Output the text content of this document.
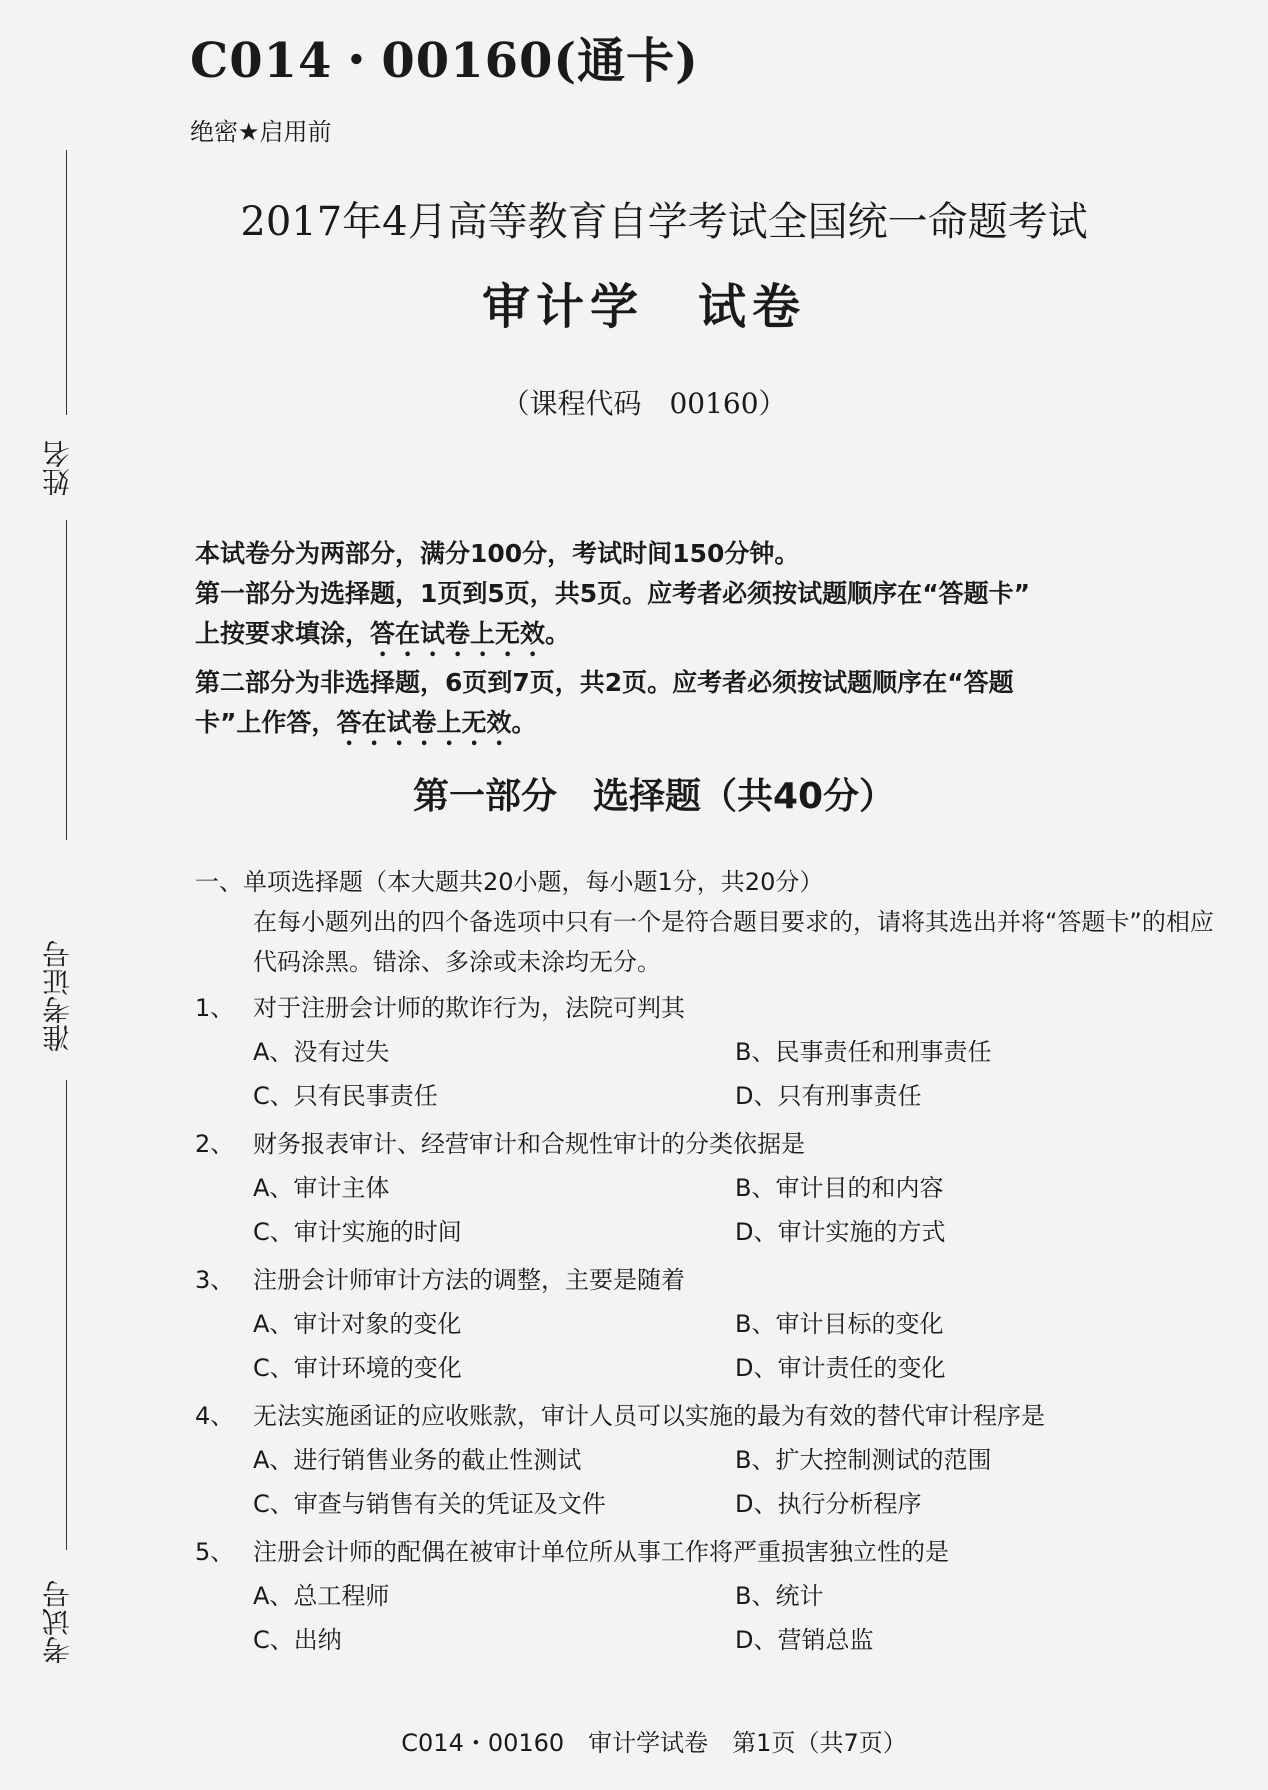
姓名
准考证号
考试号
C014・00160(通卡)
绝密★启用前
2017年4月高等教育自学考试全国统一命题考试
审计学　试卷
（课程代码　00160）

本试卷分为两部分，满分100分，考试时间150分钟。

第一部分为选择题，1页到5页，共5页。应考者必须按试题顺序在“答题卡”

上按要求填涂，答在试卷上无效。

第二部分为非选择题，6页到7页，共2页。应考者必须按试题顺序在“答题

卡”上作答，答在试卷上无效。

第一部分　选择题（共40分）
一、单项选择题（本大题共20小题，每小题1分，共20分）
在每小题列出的四个备选项中只有一个是符合题目要求的，请将其选出并将“答题卡”的相应代码涂黑。错涂、多涂或未涂均无分。
1、 对于注册会计师的欺诈行为，法院可判其
A、没有过失	B、民事责任和刑事责任
C、只有民事责任	D、只有刑事责任
2、 财务报表审计、经营审计和合规性审计的分类依据是
A、审计主体	B、审计目的和内容
C、审计实施的时间	D、审计实施的方式
3、 注册会计师审计方法的调整，主要是随着
A、审计对象的变化	B、审计目标的变化
C、审计环境的变化	D、审计责任的变化
4、 无法实施函证的应收账款，审计人员可以实施的最为有效的替代审计程序是
A、进行销售业务的截止性测试	B、扩大控制测试的范围
C、审查与销售有关的凭证及文件	D、执行分析程序
5、 注册会计师的配偶在被审计单位所从事工作将严重损害独立性的是
A、总工程师	B、统计
C、出纳	D、营销总监
C014・00160　审计学试卷　第1页（共7页）
